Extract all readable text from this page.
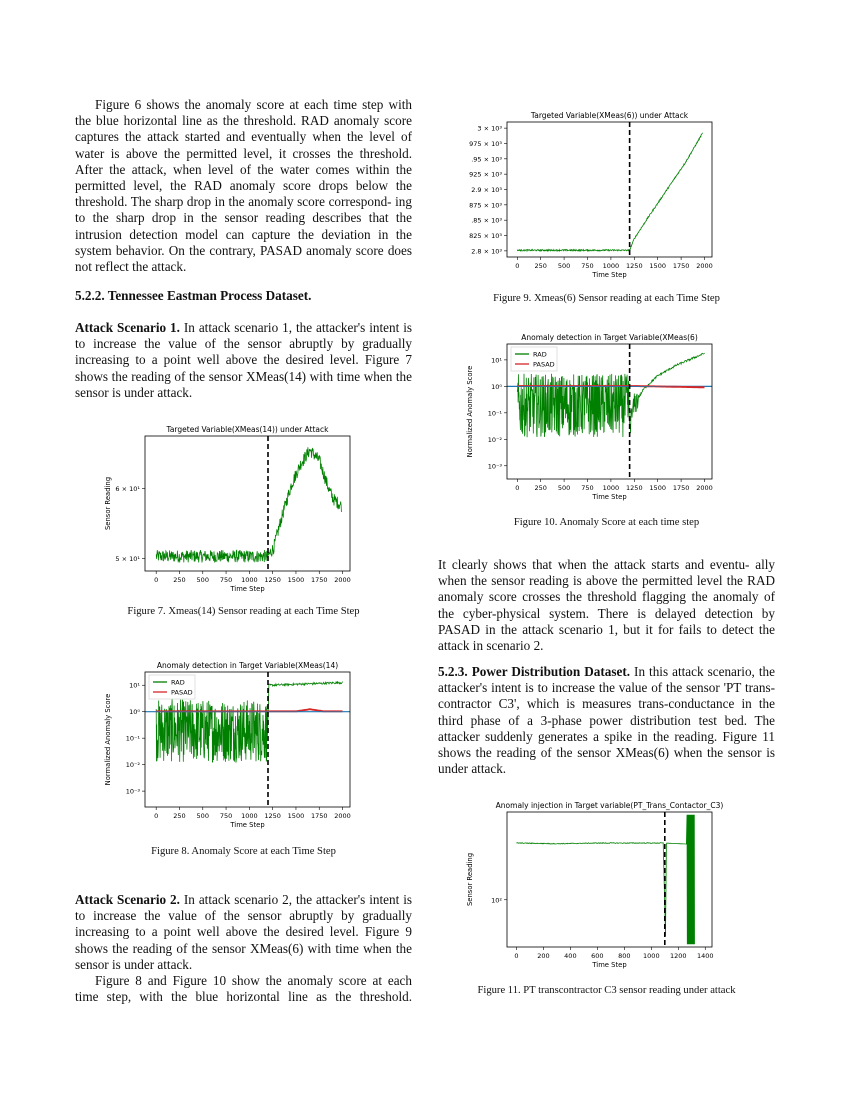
Figure 6 shows the anomaly score at each time step with the blue horizontal line as the threshold. RAD anomaly score captures the attack started and eventually when the level of water is above the permitted level, it crosses the threshold. After the attack, when level of the water comes within the permitted level, the RAD anomaly score drops below the threshold. The sharp drop in the anomaly score correspond- ing to the sharp drop in the sensor reading describes that the intrusion detection model can capture the deviation in the system behavior. On the contrary, PASAD anomaly score does not reflect the attack.

5.2.2. Tennessee Eastman Process Dataset.

Attack Scenario 1. In attack scenario 1, the attacker's intent is to increase the value of the sensor abruptly by gradually increasing to a point well above the desired level. Figure 7 shows the reading of the sensor XMeas(14) with time when the sensor is under attack.

Attack Scenario 2. In attack scenario 2, the attacker's intent is to increase the value of the sensor abruptly by gradually increasing to a point well above the desired level. Figure 9 shows the reading of the sensor XMeas(6) with time when the sensor is under attack.

Figure 8 and Figure 10 show the anomaly score at each time step, with the blue horizontal line as the threshold.

It clearly shows that when the attack starts and eventu- ally when the sensor reading is above the permitted level the RAD anomaly score crosses the threshold flagging the anomaly of the cyber-physical system. There is delayed detection by PASAD in the attack scenario 1, but it for fails to detect the attack in scenario 2.

5.2.3. Power Distribution Dataset. In this attack scenario, the attacker's intent is to increase the value of the sensor 'PT trans-contractor C3', which is measures trans-conductance in the third phase of a 3-phase power distribution test bed. The attacker suddenly generates a spike in the reading. Figure 11 shows the reading of the sensor XMeas(6) when the sensor is under attack.

Targeted Variable(XMeas(14)) under Attack
0 250 500 750 1000 1250 1500 1750 2000
5 × 10¹
6 × 10¹
Time Step
Sensor Reading
Figure 7. Xmeas(14) Sensor reading at each Time Step
Anomaly detection in Target Variable(XMeas(14)
0 250 500 750 1000 1250 1500 1750 2000
10¹
10⁰
10⁻¹
10⁻²
10⁻³
Time Step
Normalized Anomaly Score
RAD
PASAD
Figure 8. Anomaly Score at each Time Step
Targeted Variable(XMeas(6)) under Attack
0 250 500 750 1000 1250 1500 1750 2000
2.8 × 10³
825 × 10³
.85 × 10³
875 × 10³
2.9 × 10³
925 × 10³
.95 × 10³
975 × 10³
3 × 10³
Time Step
Figure 9. Xmeas(6) Sensor reading at each Time Step
Anomaly detection in Target Variable(XMeas(6)
0 250 500 750 1000 1250 1500 1750 2000
10¹
10⁰
10⁻¹
10⁻²
10⁻³
Time Step
Normalized Anomaly Score
RAD
PASAD
Figure 10. Anomaly Score at each time step
Anomaly injection in Target variable(PT_Trans_Contactor_C3)
0	200 400 600 800 1000 1200 1400
10²
Time Step
Sensor Reading
Figure 11. PT transcontractor C3 sensor reading under attack
